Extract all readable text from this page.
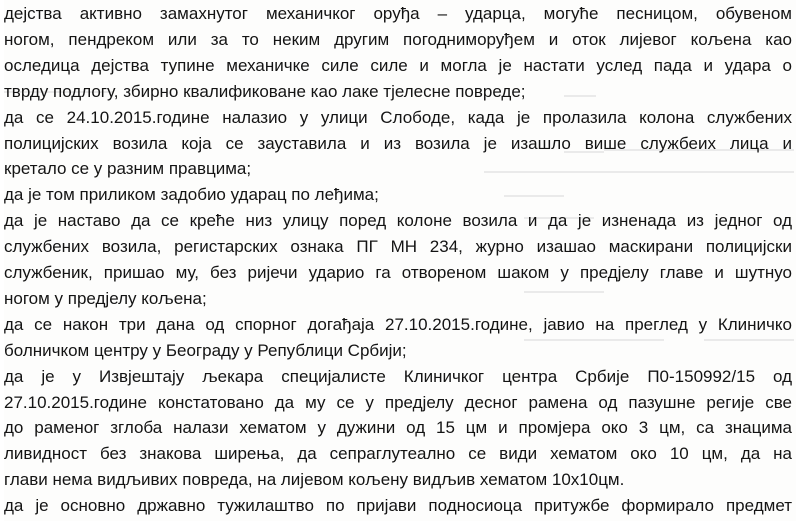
дејства активно замахнутог механичког оруђа – ударца, могуће песницом, обувеном
ногом, пендреком или за то неким другим погодниморуђем и оток лијевог кољена као
оследица дејства тупине механичке силе силе и могла је настати услед пада и удара о
тврду подлогу, збирно квалификоване као лаке тјелесне повреде;
да се 24.10.2015.године налазио у улици Слободе, када је пролазила колона службених
полицијских возила која се зауставила и из возила је изашло више службеих лица и
кретало се у разним правцима;
да је том приликом задобио ударац по леђима;
да је наставо да се креће низ улицу поред колоне возила и да је изненада из једног од
службених возила, регистарских ознака ПГ МН 234, журно изашао маскирани полицијски
службеник, пришао му, без ријечи ударио га отвореном шаком у предјелу главе и шутнуо
ногом у предјелу кољена;
да се након три дана од спорног догађаја 27.10.2015.године, јавио на преглед у Клиничко
болничком центру у Београду у Републици Србији;
да је у Извјештају љекара специјалисте Клиничког центра Србије П0-150992/15 од
27.10.2015.године констатовано да му се у предјелу десног рамена од пазушне регије све
до раменог зглоба налази хематом у дужини од 15 цм и промјера око 3 цм, са знацима
ливидност без знакова ширења, да сепраглутеално се види хематом око 10 цм, да на
глави нема видљивих повреда, на лијевом кољену видљив хематом 10х10цм.
да је основно државно тужилаштво по пријави подносиоца притужбе формирало предмет
